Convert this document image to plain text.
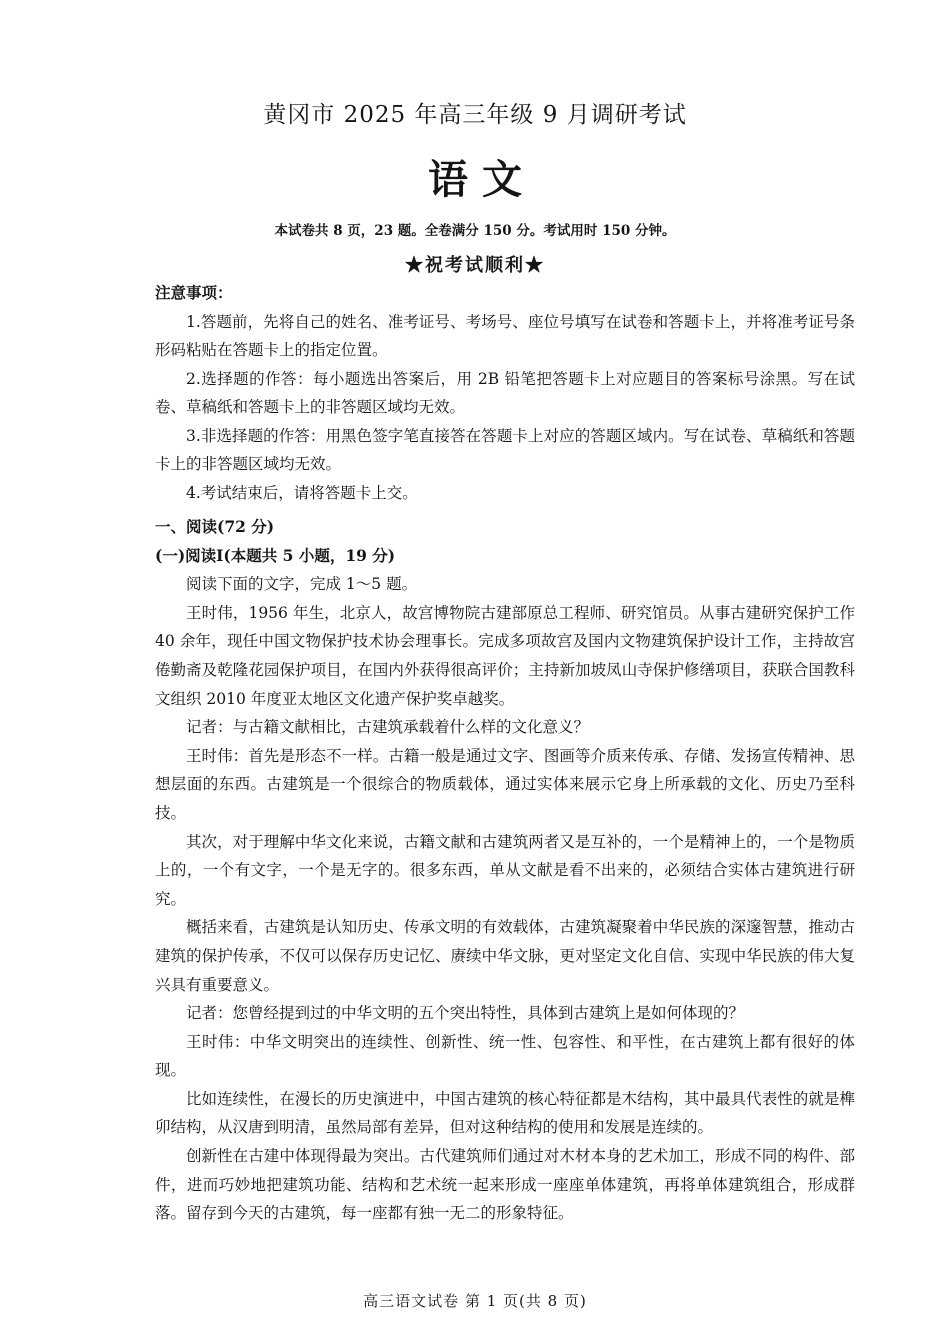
黄冈市 2025 年高三年级 9 月调研考试
语 文
本试卷共 8 页，23 题。全卷满分 150 分。考试用时 150 分钟。
★祝考试顺利★

注意事项：

1.答题前，先将自己的姓名、准考证号、考场号、座位号填写在试卷和答题卡上，并将准考证号条形码粘贴在答题卡上的指定位置。

2.选择题的作答：每小题选出答案后，用 2B 铅笔把答题卡上对应题目的答案标号涂黑。写在试卷、草稿纸和答题卡上的非答题区域均无效。

3.非选择题的作答：用黑色签字笔直接答在答题卡上对应的答题区域内。写在试卷、草稿纸和答题卡上的非答题区域均无效。

4.考试结束后，请将答题卡上交。

一、阅读(72 分)

(一)阅读Ⅰ(本题共 5 小题，19 分)

阅读下面的文字，完成 1～5 题。

王时伟，1956 年生，北京人，故宫博物院古建部原总工程师、研究馆员。从事古建研究保护工作 40 余年，现任中国文物保护技术协会理事长。完成多项故宫及国内文物建筑保护设计工作，主持故宫倦勤斋及乾隆花园保护项目，在国内外获得很高评价；主持新加坡凤山寺保护修缮项目，获联合国教科文组织 2010 年度亚太地区文化遗产保护奖卓越奖。

记者：与古籍文献相比，古建筑承载着什么样的文化意义？

王时伟：首先是形态不一样。古籍一般是通过文字、图画等介质来传承、存储、发扬宣传精神、思想层面的东西。古建筑是一个很综合的物质载体，通过实体来展示它身上所承载的文化、历史乃至科技。

其次，对于理解中华文化来说，古籍文献和古建筑两者又是互补的，一个是精神上的，一个是物质上的，一个有文字，一个是无字的。很多东西，单从文献是看不出来的，必须结合实体古建筑进行研究。

概括来看，古建筑是认知历史、传承文明的有效载体，古建筑凝聚着中华民族的深邃智慧，推动古建筑的保护传承，不仅可以保存历史记忆、赓续中华文脉，更对坚定文化自信、实现中华民族的伟大复兴具有重要意义。

记者：您曾经提到过的中华文明的五个突出特性，具体到古建筑上是如何体现的？

王时伟：中华文明突出的连续性、创新性、统一性、包容性、和平性，在古建筑上都有很好的体现。

比如连续性，在漫长的历史演进中，中国古建筑的核心特征都是木结构，其中最具代表性的就是榫卯结构，从汉唐到明清，虽然局部有差异，但对这种结构的使用和发展是连续的。

创新性在古建中体现得最为突出。古代建筑师们通过对木材本身的艺术加工，形成不同的构件、部件，进而巧妙地把建筑功能、结构和艺术统一起来形成一座座单体建筑，再将单体建筑组合，形成群落。留存到今天的古建筑，每一座都有独一无二的形象特征。

高三语文试卷 第 1 页(共 8 页)
